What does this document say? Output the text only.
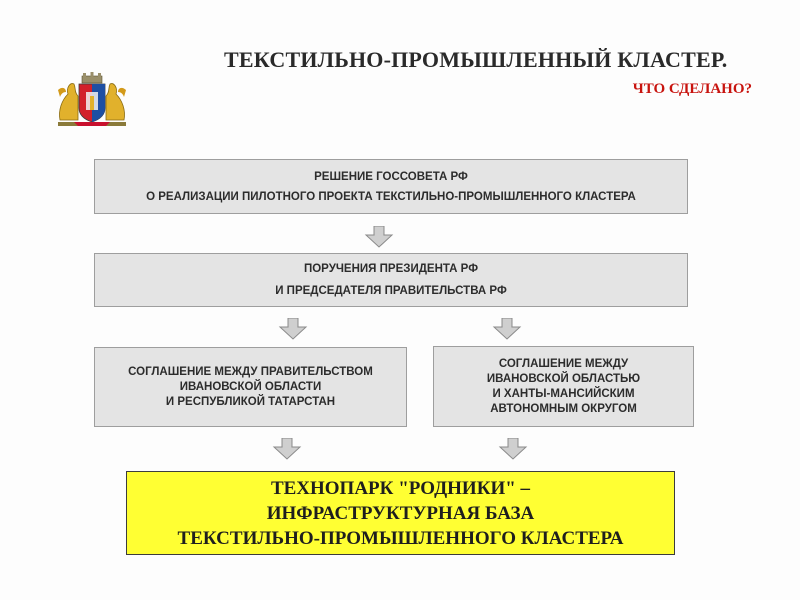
ТЕКСТИЛЬНО-ПРОМЫШЛЕННЫЙ КЛАСТЕР.
ЧТО СДЕЛАНО?
РЕШЕНИЕ ГОССОВЕТА РФ
О РЕАЛИЗАЦИИ ПИЛОТНОГО ПРОЕКТА ТЕКСТИЛЬНО-ПРОМЫШЛЕННОГО КЛАСТЕРА
ПОРУЧЕНИЯ ПРЕЗИДЕНТА РФ
И ПРЕДСЕДАТЕЛЯ ПРАВИТЕЛЬСТВА РФ
СОГЛАШЕНИЕ МЕЖДУ ПРАВИТЕЛЬСТВОМ
ИВАНОВСКОЙ ОБЛАСТИ
И РЕСПУБЛИКОЙ ТАТАРСТАН
СОГЛАШЕНИЕ МЕЖДУ
ИВАНОВСКОЙ ОБЛАСТЬЮ
И ХАНТЫ-МАНСИЙСКИМ
АВТОНОМНЫМ ОКРУГОМ
ТЕХНОПАРК "РОДНИКИ" –
ИНФРАСТРУКТУРНАЯ БАЗА
ТЕКСТИЛЬНО-ПРОМЫШЛЕННОГО КЛАСТЕРА
